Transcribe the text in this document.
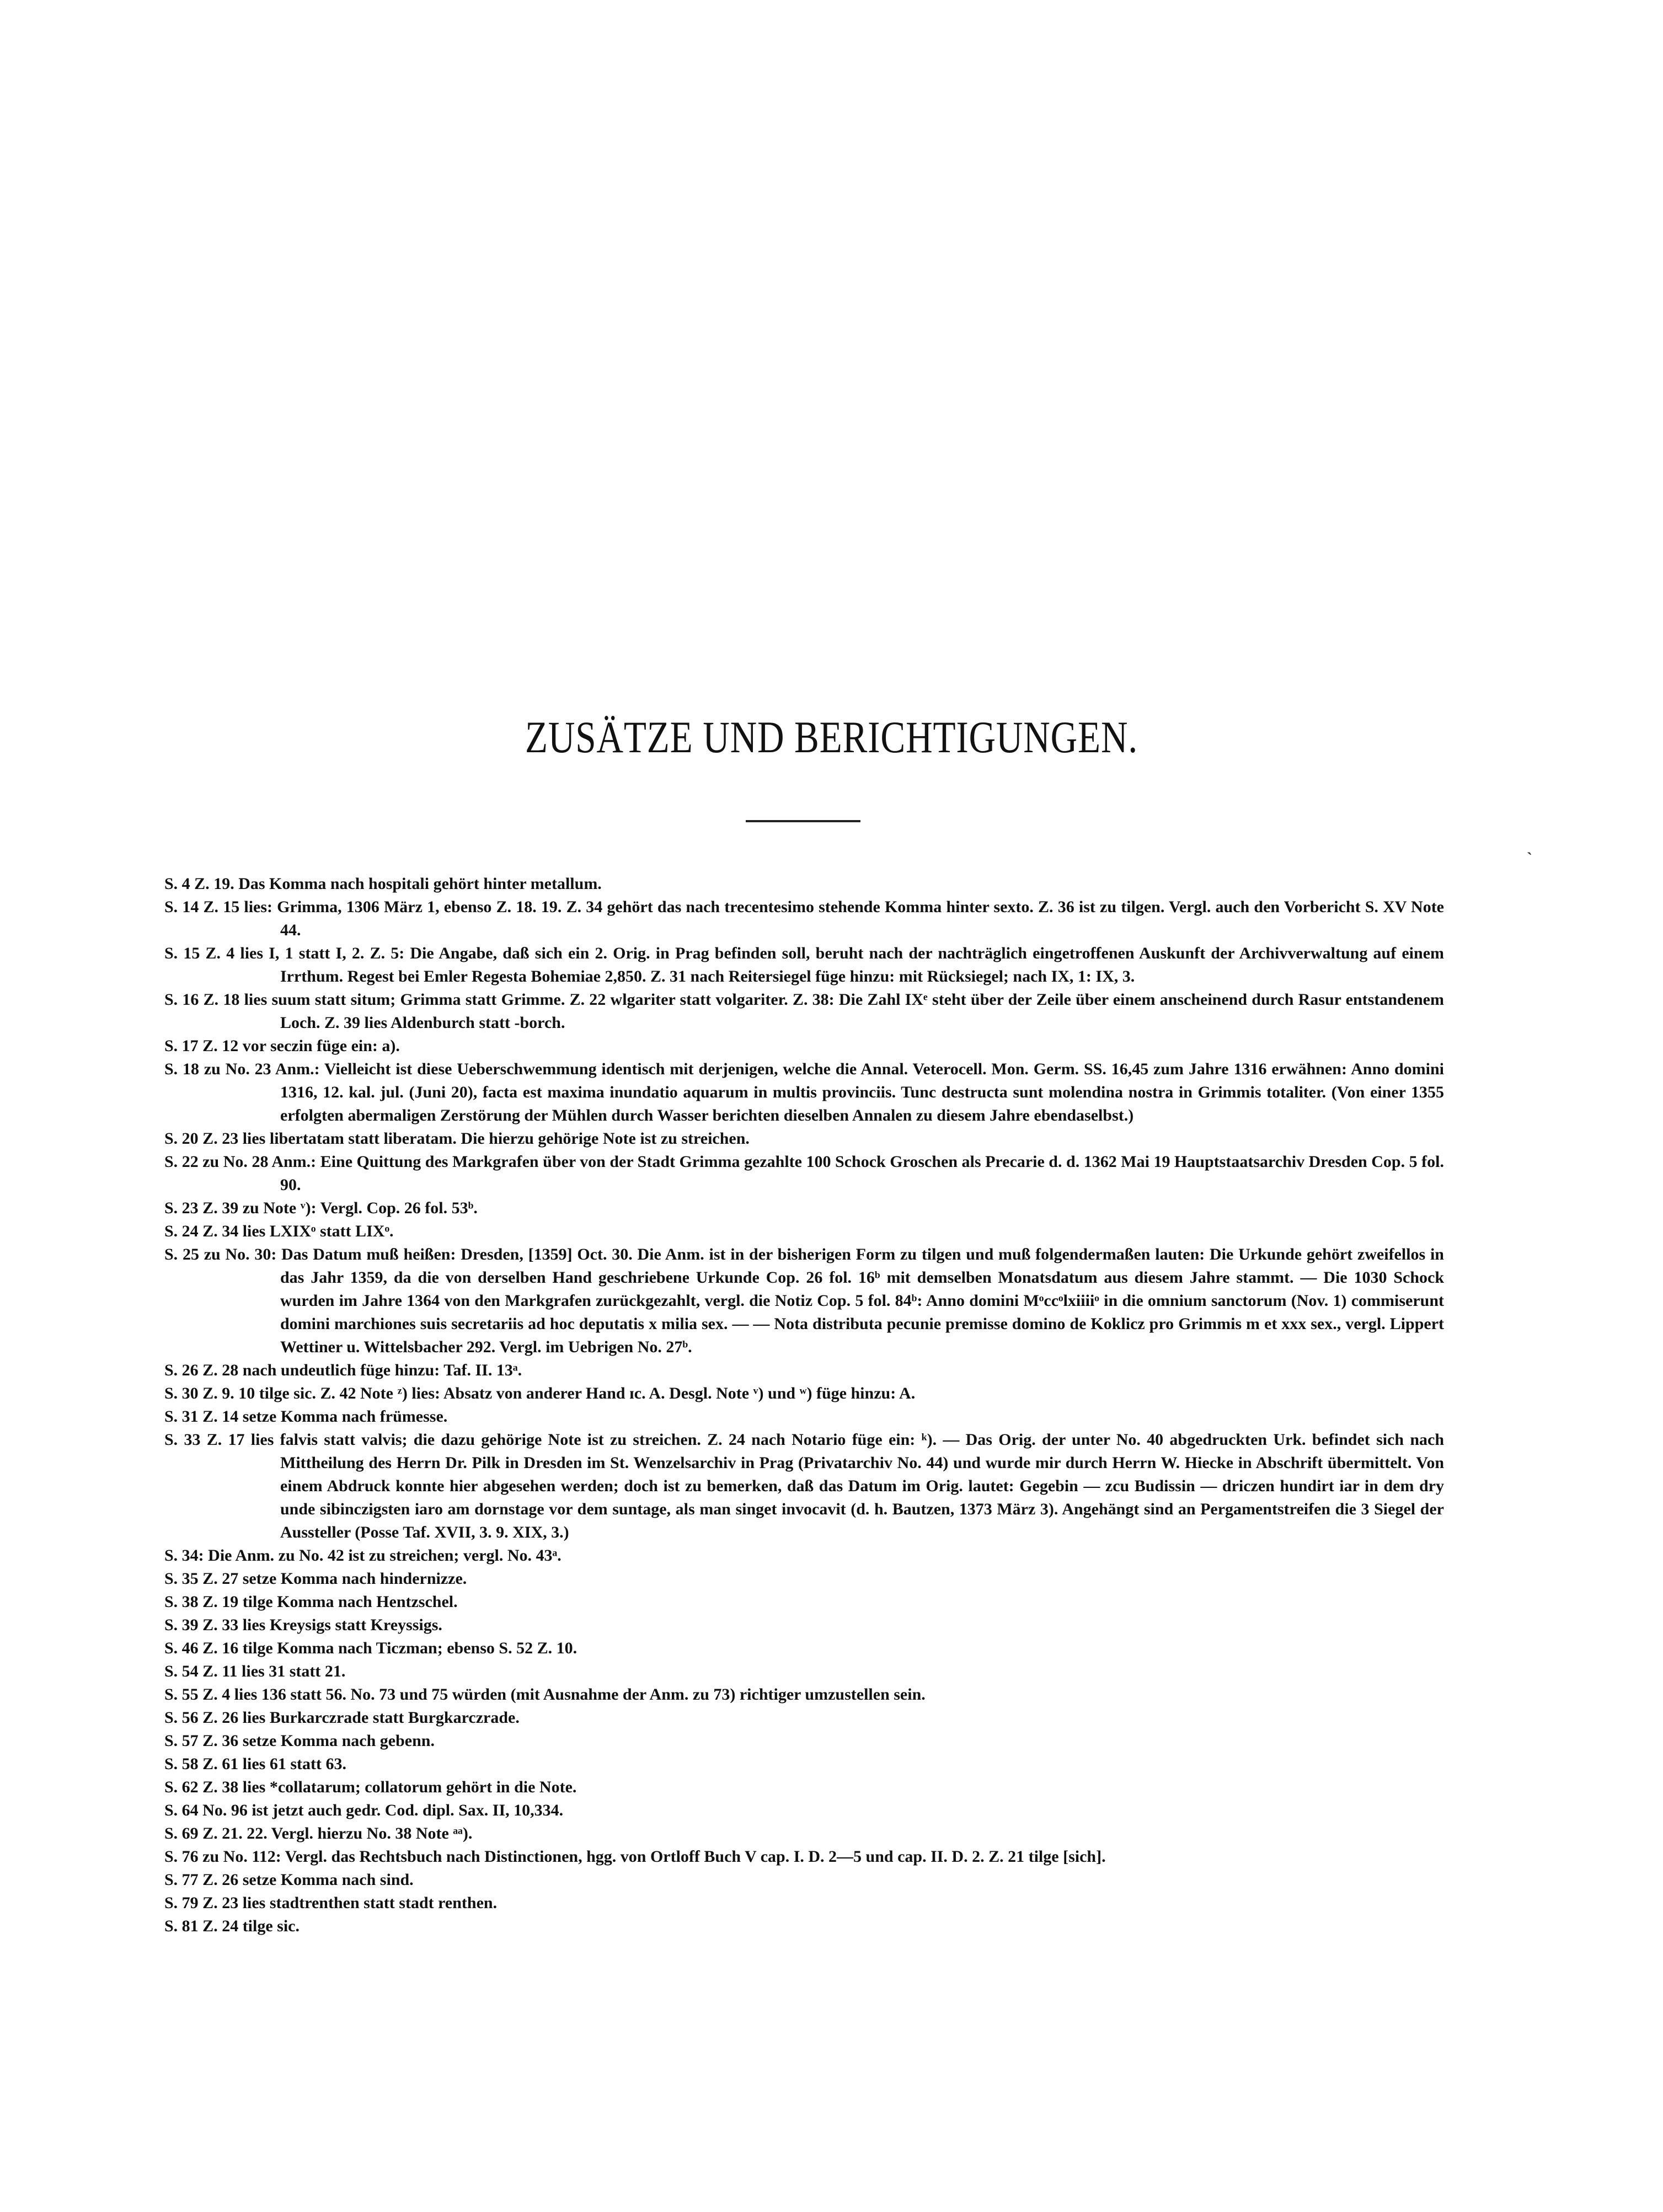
ZUSÄTZE UND BERICHTIGUNGEN.
S. 4 Z. 19. Das Komma nach hospitali gehört hinter metallum.
S. 14 Z. 15 lies: Grimma, 1306 März 1, ebenso Z. 18. 19. Z. 34 gehört das nach trecentesimo stehende Komma hinter sexto. Z. 36 ist zu tilgen. Vergl. auch den Vorbericht S. XV Note 44.
S. 15 Z. 4 lies I, 1 statt I, 2. Z. 5: Die Angabe, daß sich ein 2. Orig. in Prag befinden soll, beruht nach der nachträglich eingetroffenen Auskunft der Archivverwaltung auf einem Irrthum. Regest bei Emler Regesta Bohemiae 2,850. Z. 31 nach Reitersiegel füge hinzu: mit Rücksiegel; nach IX, 1: IX, 3.
S. 16 Z. 18 lies suum statt situm; Grimma statt Grimme. Z. 22 wlgariter statt volgariter. Z. 38: Die Zahl IXᵉ steht über der Zeile über einem anscheinend durch Rasur entstandenem Loch. Z. 39 lies Aldenburch statt -borch.
S. 17 Z. 12 vor seczin füge ein: a).
S. 18 zu No. 23 Anm.: Vielleicht ist diese Ueberschwemmung identisch mit derjenigen, welche die Annal. Veterocell. Mon. Germ. SS. 16,45 zum Jahre 1316 erwähnen: Anno domini 1316, 12. kal. jul. (Juni 20), facta est maxima inundatio aquarum in multis provinciis. Tunc destructa sunt molendina nostra in Grimmis totaliter. (Von einer 1355 erfolgten abermaligen Zerstörung der Mühlen durch Wasser berichten dieselben Annalen zu diesem Jahre ebendaselbst.)
S. 20 Z. 23 lies libertatam statt liberatam. Die hierzu gehörige Note ist zu streichen.
S. 22 zu No. 28 Anm.: Eine Quittung des Markgrafen über von der Stadt Grimma gezahlte 100 Schock Groschen als Precarie d. d. 1362 Mai 19 Hauptstaatsarchiv Dresden Cop. 5 fol. 90.
S. 23 Z. 39 zu Note ᵛ): Vergl. Cop. 26 fol. 53ᵇ.
S. 24 Z. 34 lies LXIXᵒ statt LIXᵒ.
S. 25 zu No. 30: Das Datum muß heißen: Dresden, [1359] Oct. 30. Die Anm. ist in der bisherigen Form zu tilgen und muß folgendermaßen lauten: Die Urkunde gehört zweifellos in das Jahr 1359, da die von derselben Hand geschriebene Urkunde Cop. 26 fol. 16ᵇ mit demselben Monatsdatum aus diesem Jahre stammt. — Die 1030 Schock wurden im Jahre 1364 von den Markgrafen zurückgezahlt, vergl. die Notiz Cop. 5 fol. 84ᵇ: Anno domini Mᵒccᵒlxiiiiᵒ in die omnium sanctorum (Nov. 1) commiserunt domini marchiones suis secretariis ad hoc deputatis x milia sex. — — Nota distributa pecunie premisse domino de Koklicz pro Grimmis m et xxx sex., vergl. Lippert Wettiner u. Wittelsbacher 292. Vergl. im Uebrigen No. 27ᵇ.
S. 26 Z. 28 nach undeutlich füge hinzu: Taf. II. 13ᵃ.
S. 30 Z. 9. 10 tilge sic. Z. 42 Note ᶻ) lies: Absatz von anderer Hand ɪc. A. Desgl. Note ᵛ) und ʷ) füge hinzu: A.
S. 31 Z. 14 setze Komma nach frümesse.
S. 33 Z. 17 lies falvis statt valvis; die dazu gehörige Note ist zu streichen. Z. 24 nach Notario füge ein: ᵏ). — Das Orig. der unter No. 40 abgedruckten Urk. befindet sich nach Mittheilung des Herrn Dr. Pilk in Dresden im St. Wenzelsarchiv in Prag (Privatarchiv No. 44) und wurde mir durch Herrn W. Hiecke in Abschrift übermittelt. Von einem Abdruck konnte hier abgesehen werden; doch ist zu bemerken, daß das Datum im Orig. lautet: Gegebin — zcu Budissin — driczen hundirt iar in dem dry unde sibinczigsten iaro am dornstage vor dem suntage, als man singet invocavit (d. h. Bautzen, 1373 März 3). Angehängt sind an Pergamentstreifen die 3 Siegel der Aussteller (Posse Taf. XVII, 3. 9. XIX, 3.)
S. 34: Die Anm. zu No. 42 ist zu streichen; vergl. No. 43ᵃ.
S. 35 Z. 27 setze Komma nach hindernizze.
S. 38 Z. 19 tilge Komma nach Hentzschel.
S. 39 Z. 33 lies Kreysigs statt Kreyssigs.
S. 46 Z. 16 tilge Komma nach Ticzman; ebenso S. 52 Z. 10.
S. 54 Z. 11 lies 31 statt 21.
S. 55 Z. 4 lies 136 statt 56. No. 73 und 75 würden (mit Ausnahme der Anm. zu 73) richtiger umzustellen sein.
S. 56 Z. 26 lies Burkarczrade statt Burgkarczrade.
S. 57 Z. 36 setze Komma nach gebenn.
S. 58 Z. 61 lies 61 statt 63.
S. 62 Z. 38 lies *collatarum; collatorum gehört in die Note.
S. 64 No. 96 ist jetzt auch gedr. Cod. dipl. Sax. II, 10,334.
S. 69 Z. 21. 22. Vergl. hierzu No. 38 Note ᵃᵃ).
S. 76 zu No. 112: Vergl. das Rechtsbuch nach Distinctionen, hgg. von Ortloff Buch V cap. I. D. 2—5 und cap. II. D. 2. Z. 21 tilge [sich].
S. 77 Z. 26 setze Komma nach sind.
S. 79 Z. 23 lies stadtrenthen statt stadt renthen.
S. 81 Z. 24 tilge sic.
`
